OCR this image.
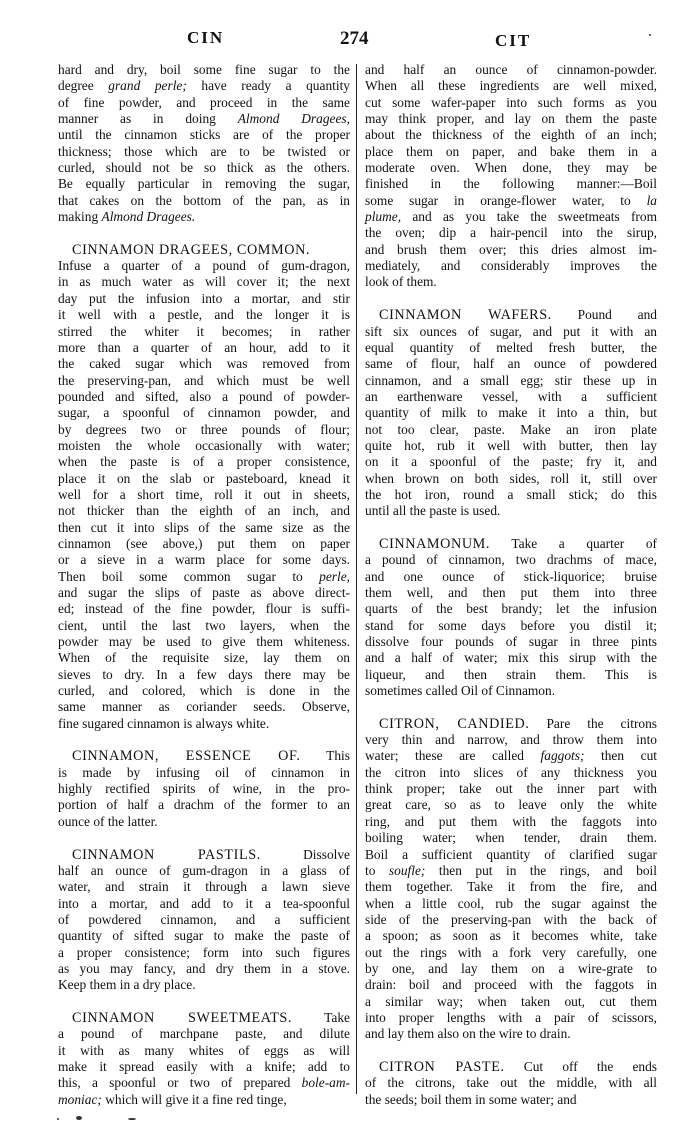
CIN	274	CIT
hard and dry, boil some fine sugar to the
degree grand perle; have ready a quantity
of fine powder, and proceed in the same
manner as in doing Almond Dragees,
until the cinnamon sticks are of the proper
thickness; those which are to be twisted or
curled, should not be so thick as the others.
Be equally particular in removing the sugar,
that cakes on the bottom of the pan, as in
making Almond Dragees.
CINNAMON DRAGEES, COMMON.
Infuse a quarter of a pound of gum-dragon,
in as much water as will cover it; the next
day put the infusion into a mortar, and stir
it well with a pestle, and the longer it is
stirred the whiter it becomes; in rather
more than a quarter of an hour, add to it
the caked sugar which was removed from
the preserving-pan, and which must be well
pounded and sifted, also a pound of powder-
sugar, a spoonful of cinnamon powder, and
by degrees two or three pounds of flour;
moisten the whole occasionally with water;
when the paste is of a proper consistence,
place it on the slab or pasteboard, knead it
well for a short time, roll it out in sheets,
not thicker than the eighth of an inch, and
then cut it into slips of the same size as the
cinnamon (see above,) put them on paper
or a sieve in a warm place for some days.
Then boil some common sugar to perle,
and sugar the slips of paste as above direct-
ed; instead of the fine powder, flour is suffi-
cient, until the last two layers, when the
powder may be used to give them whiteness.
When of the requisite size, lay them on
sieves to dry. In a few days there may be
curled, and colored, which is done in the
same manner as coriander seeds. Observe,
fine sugared cinnamon is always white.
CINNAMON, ESSENCE OF. This
is made by infusing oil of cinnamon in
highly rectified spirits of wine, in the pro-
portion of half a drachm of the former to an
ounce of the latter.
CINNAMON PASTILS. Dissolve
half an ounce of gum-dragon in a glass of
water, and strain it through a lawn sieve
into a mortar, and add to it a tea-spoonful
of powdered cinnamon, and a sufficient
quantity of sifted sugar to make the paste of
a proper consistence; form into such figures
as you may fancy, and dry them in a stove.
Keep them in a dry place.
CINNAMON SWEETMEATS. Take
a pound of marchpane paste, and dilute
it with as many whites of eggs as will
make it spread easily with a knife; add to
this, a spoonful or two of prepared bole-am-
moniac; which will give it a fine red tinge,
and half an ounce of cinnamon-powder.
When all these ingredients are well mixed,
cut some wafer-paper into such forms as you
may think proper, and lay on them the paste
about the thickness of the eighth of an inch;
place them on paper, and bake them in a
moderate oven. When done, they may be
finished in the following manner:—Boil
some sugar in orange-flower water, to la
plume, and as you take the sweetmeats from
the oven; dip a hair-pencil into the sirup,
and brush them over; this dries almost im-
mediately, and considerably improves the
look of them.
CINNAMON WAFERS. Pound and
sift six ounces of sugar, and put it with an
equal quantity of melted fresh butter, the
same of flour, half an ounce of powdered
cinnamon, and a small egg; stir these up in
an earthenware vessel, with a sufficient
quantity of milk to make it into a thin, but
not too clear, paste. Make an iron plate
quite hot, rub it well with butter, then lay
on it a spoonful of the paste; fry it, and
when brown on both sides, roll it, still over
the hot iron, round a small stick; do this
until all the paste is used.
CINNAMONUM. Take a quarter of
a pound of cinnamon, two drachms of mace,
and one ounce of stick-liquorice; bruise
them well, and then put them into three
quarts of the best brandy; let the infusion
stand for some days before you distil it;
dissolve four pounds of sugar in three pints
and a half of water; mix this sirup with the
liqueur, and then strain them. This is
sometimes called Oil of Cinnamon.
CITRON, CANDIED. Pare the citrons
very thin and narrow, and throw them into
water; these are called faggots; then cut
the citron into slices of any thickness you
think proper; take out the inner part with
great care, so as to leave only the white
ring, and put them with the faggots into
boiling water; when tender, drain them.
Boil a sufficient quantity of clarified sugar
to soufle; then put in the rings, and boil
them together. Take it from the fire, and
when a little cool, rub the sugar against the
side of the preserving-pan with the back of
a spoon; as soon as it becomes white, take
out the rings with a fork very carefully, one
by one, and lay them on a wire-grate to
drain: boil and proceed with the faggots in
a similar way; when taken out, cut them
into proper lengths with a pair of scissors,
and lay them also on the wire to drain.
CITRON PASTE. Cut off the ends
of the citrons, take out the middle, with all
the seeds; boil them in some water; and
